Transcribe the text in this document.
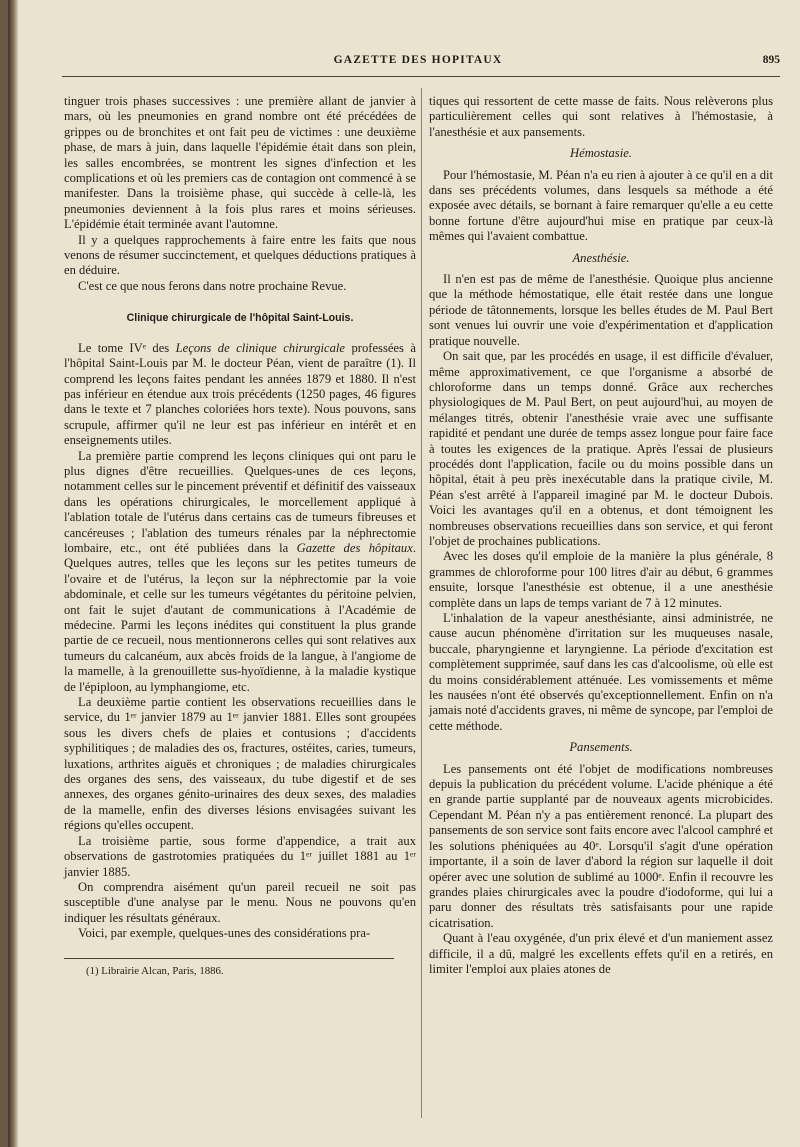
GAZETTE DES HOPITAUX	895

tinguer trois phases successives : une première allant de janvier à mars, où les pneumonies en grand nombre ont été précédées de grippes ou de bronchites et ont fait peu de victimes : une deuxième phase, de mars à juin, dans laquelle l'épidémie était dans son plein, les salles encombrées, se montrent les signes d'infection et les complications et où les premiers cas de contagion ont commencé à se manifester. Dans la troisième phase, qui succède à celle-là, les pneumonies deviennent à la fois plus rares et moins sérieuses. L'épidémie était terminée avant l'automne.

Il y a quelques rapprochements à faire entre les faits que nous venons de résumer succinctement, et quelques déductions pratiques à en déduire.

C'est ce que nous ferons dans notre prochaine Revue.

Clinique chirurgicale de l'hôpital Saint-Louis.

Le tome IVᵉ des Leçons de clinique chirurgicale professées à l'hôpital Saint-Louis par M. le docteur Péan, vient de paraître (1). Il comprend les leçons faites pendant les années 1879 et 1880. Il n'est pas inférieur en étendue aux trois précédents (1250 pages, 46 figures dans le texte et 7 planches coloriées hors texte). Nous pouvons, sans scrupule, affirmer qu'il ne leur est pas inférieur en intérêt et en enseignements utiles.

La première partie comprend les leçons cliniques qui ont paru le plus dignes d'être recueillies. Quelques-unes de ces leçons, notamment celles sur le pincement préventif et définitif des vaisseaux dans les opérations chirurgicales, le morcellement appliqué à l'ablation totale de l'utérus dans certains cas de tumeurs fibreuses et cancéreuses ; l'ablation des tumeurs rénales par la néphrectomie lombaire, etc., ont été publiées dans la Gazette des hôpitaux. Quelques autres, telles que les leçons sur les petites tumeurs de l'ovaire et de l'utérus, la leçon sur la néphrectomie par la voie abdominale, et celle sur les tumeurs végétantes du péritoine pelvien, ont fait le sujet d'autant de communications à l'Académie de médecine. Parmi les leçons inédites qui constituent la plus grande partie de ce recueil, nous mentionnerons celles qui sont relatives aux tumeurs du calcanéum, aux abcès froids de la langue, à l'angiome de la mamelle, à la grenouillette sus-hyoïdienne, à la maladie kystique de l'épiploon, au lymphangiome, etc.

La deuxième partie contient les observations recueillies dans le service, du 1ᵉʳ janvier 1879 au 1ᵉʳ janvier 1881. Elles sont groupées sous les divers chefs de plaies et contusions ; d'accidents syphilitiques ; de maladies des os, fractures, ostéites, caries, tumeurs, luxations, arthrites aiguës et chroniques ; de maladies chirurgicales des organes des sens, des vaisseaux, du tube digestif et de ses annexes, des organes génito-urinaires des deux sexes, des maladies de la mamelle, enfin des diverses lésions envisagées suivant les régions qu'elles occupent.

La troisième partie, sous forme d'appendice, a trait aux observations de gastrotomies pratiquées du 1ᵉʳ juillet 1881 au 1ᵉʳ janvier 1885.

On comprendra aisément qu'un pareil recueil ne soit pas susceptible d'une analyse par le menu. Nous ne pouvons qu'en indiquer les résultats généraux.

Voici, par exemple, quelques-unes des considérations pra-

(1) Librairie Alcan, Paris, 1886.

tiques qui ressortent de cette masse de faits. Nous relèverons plus particulièrement celles qui sont relatives à l'hémostasie, à l'anesthésie et aux pansements.

Hémostasie.

Pour l'hémostasie, M. Péan n'a eu rien à ajouter à ce qu'il en a dit dans ses précédents volumes, dans lesquels sa méthode a été exposée avec détails, se bornant à faire remarquer qu'elle a eu cette bonne fortune d'être aujourd'hui mise en pratique par ceux-là mêmes qui l'avaient combattue.

Anesthésie.

Il n'en est pas de même de l'anesthésie. Quoique plus ancienne que la méthode hémostatique, elle était restée dans une longue période de tâtonnements, lorsque les belles études de M. Paul Bert sont venues lui ouvrir une voie d'expérimentation et d'application pratique nouvelle.

On sait que, par les procédés en usage, il est difficile d'évaluer, même approximativement, ce que l'organisme a absorbé de chloroforme dans un temps donné. Grâce aux recherches physiologiques de M. Paul Bert, on peut aujourd'hui, au moyen de mélanges titrés, obtenir l'anesthésie vraie avec une suffisante rapidité et pendant une durée de temps assez longue pour faire face à toutes les exigences de la pratique. Après l'essai de plusieurs procédés dont l'application, facile ou du moins possible dans un hôpital, était à peu près inexécutable dans la pratique civile, M. Péan s'est arrêté à l'appareil imaginé par M. le docteur Dubois. Voici les avantages qu'il en a obtenus, et dont témoignent les nombreuses observations recueillies dans son service, et qui feront l'objet de prochaines publications.

Avec les doses qu'il emploie de la manière la plus générale, 8 grammes de chloroforme pour 100 litres d'air au début, 6 grammes ensuite, lorsque l'anesthésie est obtenue, il a une anesthésie complète dans un laps de temps variant de 7 à 12 minutes.

L'inhalation de la vapeur anesthésiante, ainsi administrée, ne cause aucun phénomène d'irritation sur les muqueuses nasale, buccale, pharyngienne et laryngienne. La période d'excitation est complètement supprimée, sauf dans les cas d'alcoolisme, où elle est du moins considérablement atténuée. Les vomissements et même les nausées n'ont été observés qu'exceptionnellement. Enfin on n'a jamais noté d'accidents graves, ni même de syncope, par l'emploi de cette méthode.

Pansements.

Les pansements ont été l'objet de modifications nombreuses depuis la publication du précédent volume. L'acide phénique a été en grande partie supplanté par de nouveaux agents microbicides. Cependant M. Péan n'y a pas entièrement renoncé. La plupart des pansements de son service sont faits encore avec l'alcool camphré et les solutions phéniquées au 40ᵉ. Lorsqu'il s'agit d'une opération importante, il a soin de laver d'abord la région sur laquelle il doit opérer avec une solution de sublimé au 1000ᵉ. Enfin il recouvre les grandes plaies chirurgicales avec la poudre d'iodoforme, qui lui a paru donner des résultats très satisfaisants pour une rapide cicatrisation.

Quant à l'eau oxygénée, d'un prix élevé et d'un maniement assez difficile, il a dû, malgré les excellents effets qu'il en a retirés, en limiter l'emploi aux plaies atones de
